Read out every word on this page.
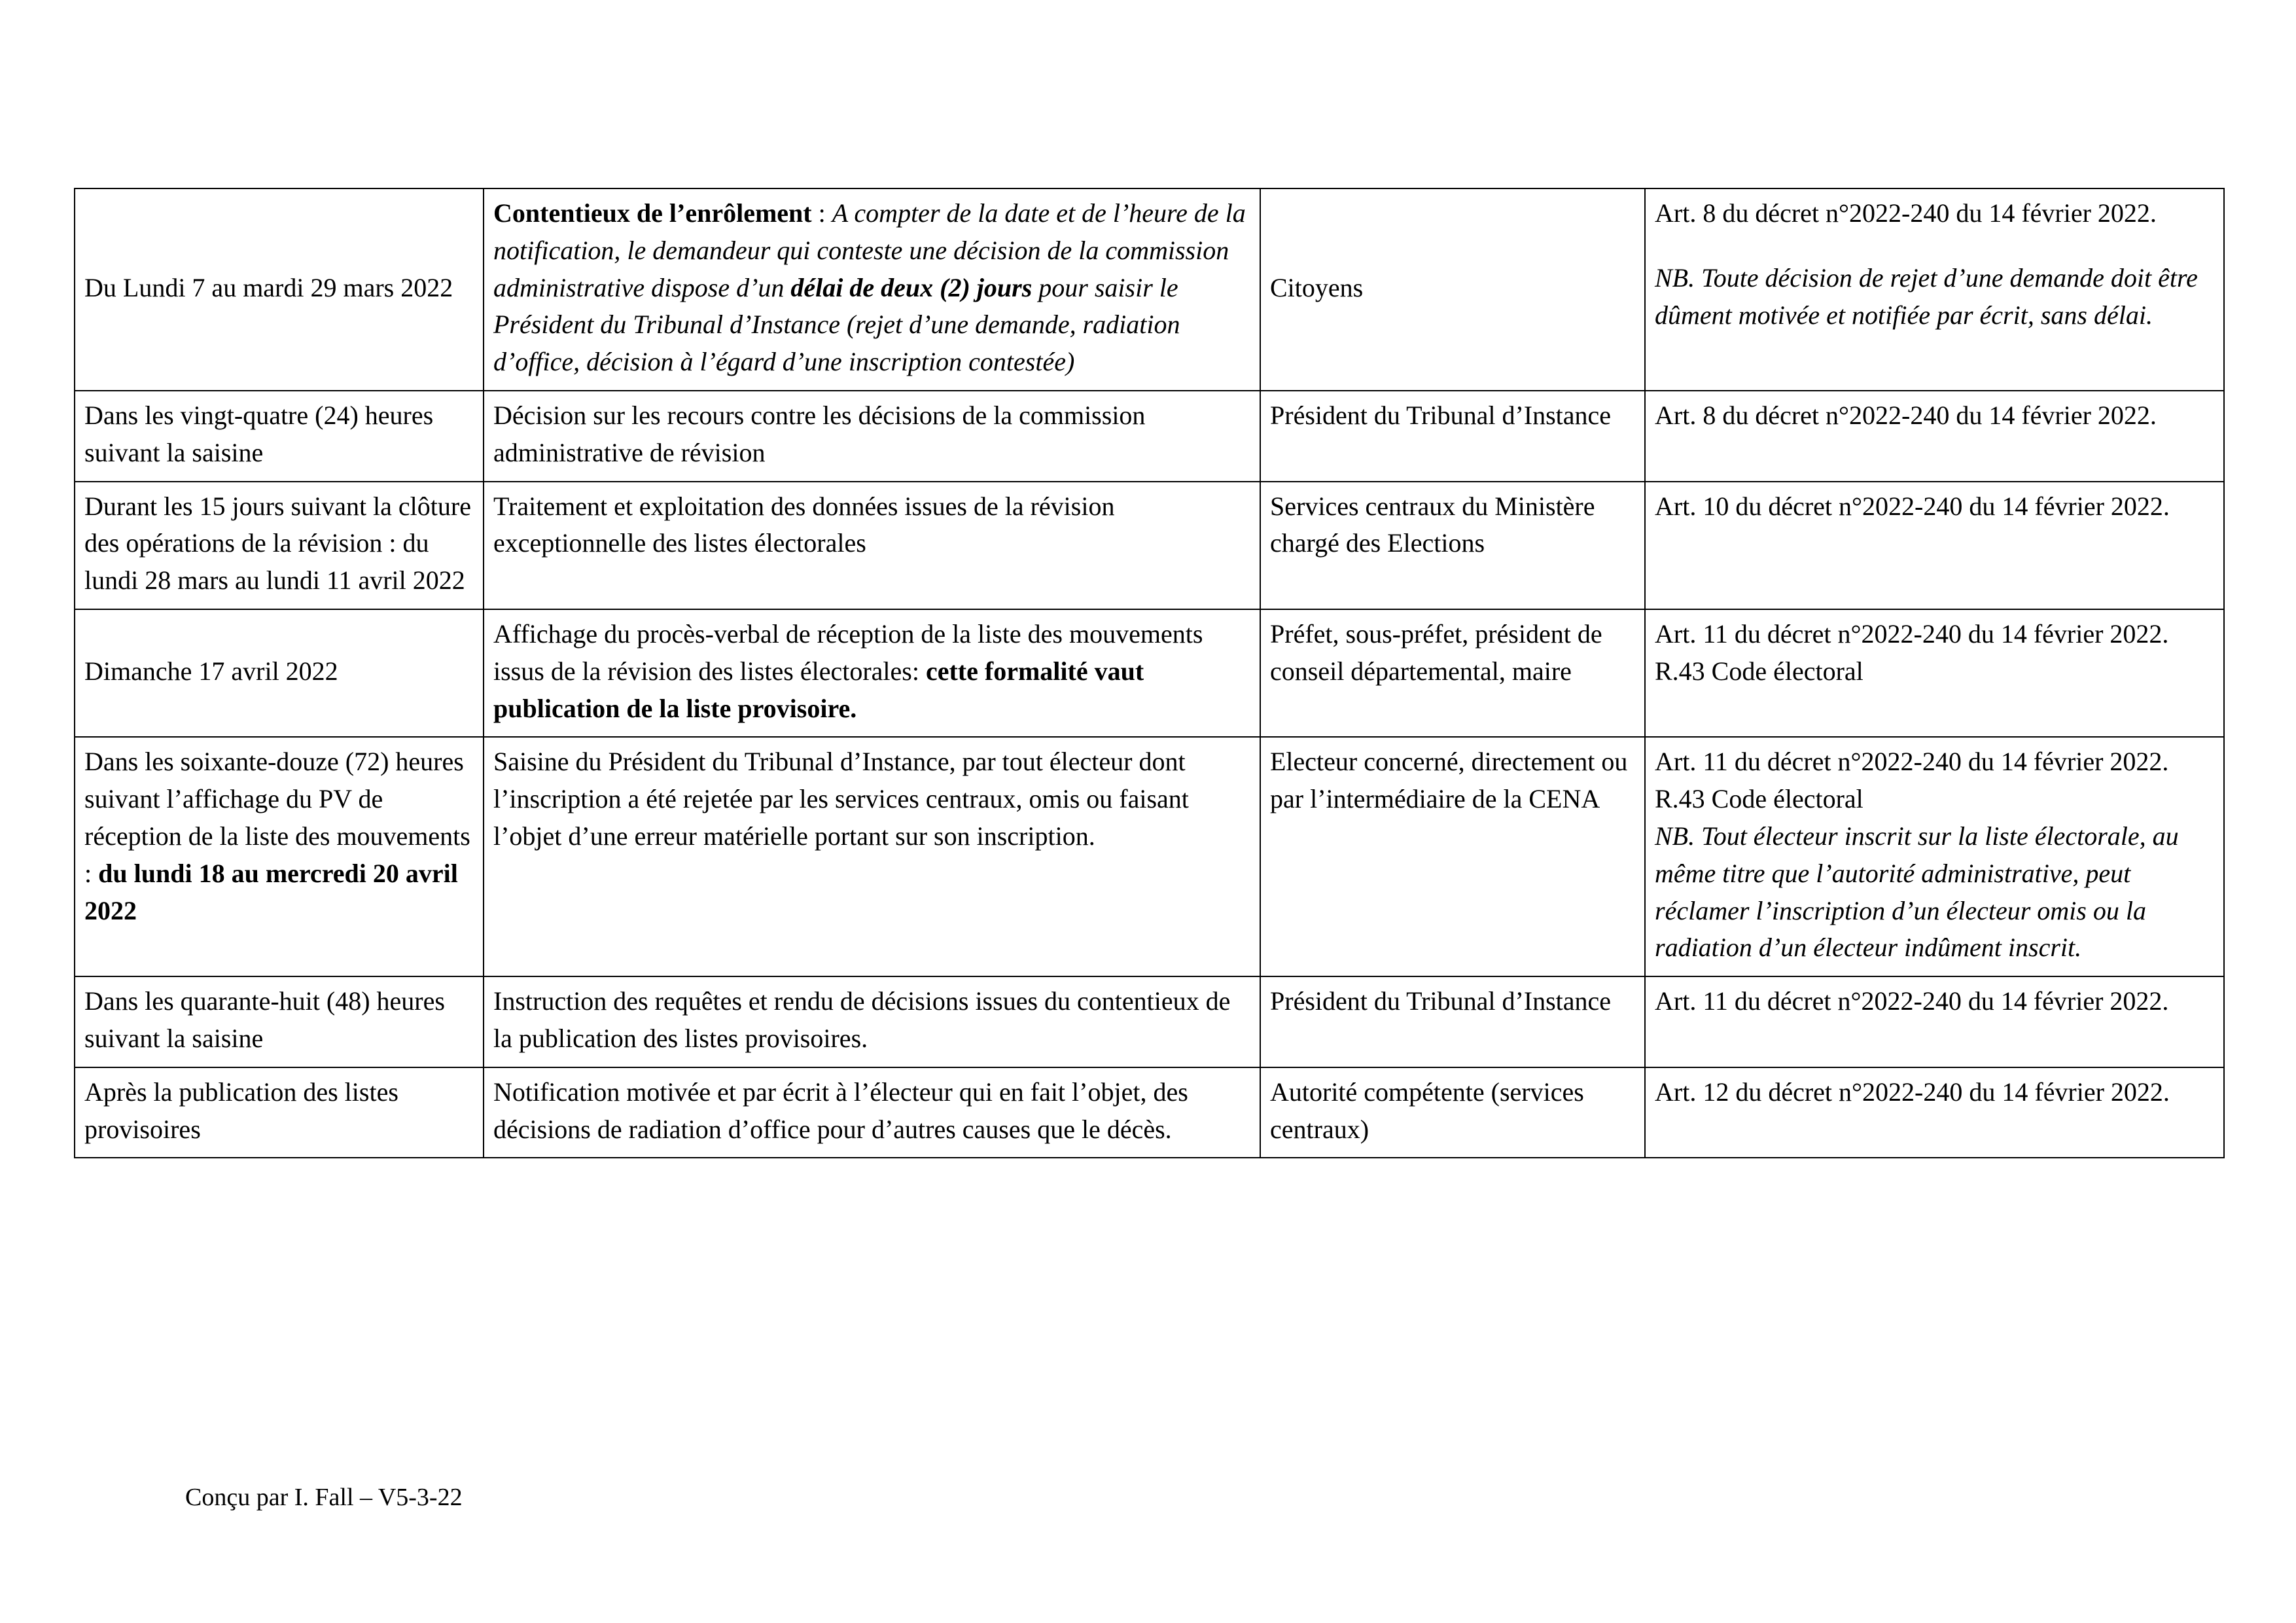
Du Lundi 7 au mardi 29 mars 2022	Contentieux de l’enrôlement : A compter de la date et de l’heure de la notification, le demandeur qui conteste une décision de la commission administrative dispose d’un délai de deux (2) jours pour saisir le Président du Tribunal d’Instance (rejet d’une demande, radiation d’office, décision à l’égard d’une inscription contestée)	Citoyens	Art. 8 du décret n°2022-240 du 14 février 2022.
NB. Toute décision de rejet d’une demande doit être dûment motivée et notifiée par écrit, sans délai.

Dans les vingt-quatre (24) heures suivant la saisine	Décision sur les recours contre les décisions de la commission administrative de révision	Président du Tribunal d’Instance	Art. 8 du décret n°2022-240 du 14 février 2022.

Durant les 15 jours suivant la clôture des opérations de la révision : du lundi 28 mars au lundi 11 avril 2022	Traitement et exploitation des données issues de la révision exceptionnelle des listes électorales	Services centraux du Ministère chargé des Elections	Art. 10 du décret n°2022-240 du 14 février 2022.

Dimanche 17 avril 2022	Affichage du procès-verbal de réception de la liste des mouvements issus de la révision des listes électorales: cette formalité vaut publication de la liste provisoire.	Préfet, sous-préfet, président de conseil départemental, maire	Art. 11 du décret n°2022-240 du 14 février 2022.
R.43 Code électoral

Dans les soixante-douze (72) heures suivant l’affichage du PV de réception de la liste des mouvements : du lundi 18 au mercredi 20 avril 2022	Saisine du Président du Tribunal d’Instance, par tout électeur dont l’inscription a été rejetée par les services centraux, omis ou faisant l’objet d’une erreur matérielle portant sur son inscription.	Electeur concerné, directement ou par l’intermédiaire de la CENA	Art. 11 du décret n°2022-240 du 14 février 2022.
R.43 Code électoral
NB. Tout électeur inscrit sur la liste électorale, au même titre que l’autorité administrative, peut réclamer l’inscription d’un électeur omis ou la radiation d’un électeur indûment inscrit.

Dans les quarante-huit (48) heures suivant la saisine	Instruction des requêtes et rendu de décisions issues du contentieux de la publication des listes provisoires.	Président du Tribunal d’Instance	Art. 11 du décret n°2022-240 du 14 février 2022.

Après la publication des listes provisoires	Notification motivée et par écrit à l’électeur qui en fait l’objet, des décisions de radiation d’office pour d’autres causes que le décès.	Autorité compétente (services centraux)	Art. 12 du décret n°2022-240 du 14 février 2022.
Conçu par I. Fall – V5-3-22
